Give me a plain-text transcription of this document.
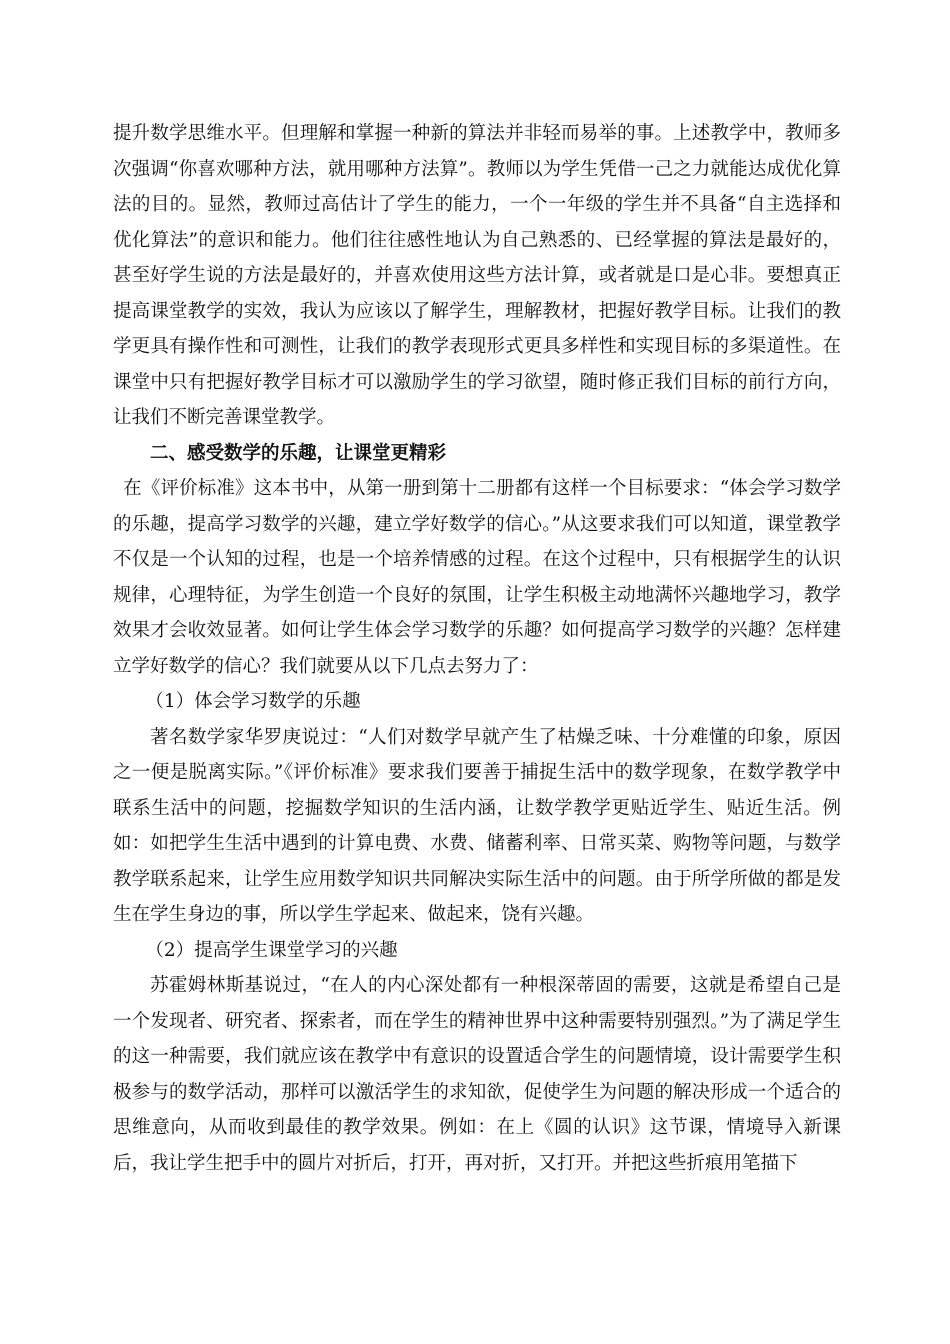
提升数学思维水平。但理解和掌握一种新的算法并非轻而易举的事。上述教学中，教师多次强调“你喜欢哪种方法，就用哪种方法算”。教师以为学生凭借一己之力就能达成优化算法的目的。显然，教师过高估计了学生的能力，一个一年级的学生并不具备“自主选择和优化算法”的意识和能力。他们往往感性地认为自己熟悉的、已经掌握的算法是最好的，甚至好学生说的方法是最好的，并喜欢使用这些方法计算，或者就是口是心非。要想真正提高课堂教学的实效，我认为应该以了解学生，理解教材，把握好教学目标。让我们的教学更具有操作性和可测性，让我们的教学表现形式更具多样性和实现目标的多渠道性。在课堂中只有把握好教学目标才可以激励学生的学习欲望，随时修正我们目标的前行方向，让我们不断完善课堂教学。

二、感受数学的乐趣，让课堂更精彩

在《评价标准》这本书中，从第一册到第十二册都有这样一个目标要求：“体会学习数学的乐趣，提高学习数学的兴趣，建立学好数学的信心。”从这要求我们可以知道，课堂教学不仅是一个认知的过程，也是一个培养情感的过程。在这个过程中，只有根据学生的认识规律，心理特征，为学生创造一个良好的氛围，让学生积极主动地满怀兴趣地学习，教学效果才会收效显著。如何让学生体会学习数学的乐趣？如何提高学习数学的兴趣？怎样建立学好数学的信心？我们就要从以下几点去努力了：

（1）体会学习数学的乐趣

著名数学家华罗庚说过：“人们对数学早就产生了枯燥乏味、十分难懂的印象，原因之一便是脱离实际。”《评价标准》要求我们要善于捕捉生活中的数学现象，在数学教学中联系生活中的问题，挖掘数学知识的生活内涵，让数学教学更贴近学生、贴近生活。例如：如把学生生活中遇到的计算电费、水费、储蓄利率、日常买菜、购物等问题，与数学教学联系起来，让学生应用数学知识共同解决实际生活中的问题。由于所学所做的都是发生在学生身边的事，所以学生学起来、做起来，饶有兴趣。

（2）提高学生课堂学习的兴趣

苏霍姆林斯基说过，“在人的内心深处都有一种根深蒂固的需要，这就是希望自己是一个发现者、研究者、探索者，而在学生的精神世界中这种需要特别强烈。”为了满足学生的这一种需要，我们就应该在教学中有意识的设置适合学生的问题情境，设计需要学生积极参与的数学活动，那样可以激活学生的求知欲，促使学生为问题的解决形成一个适合的思维意向，从而收到最佳的教学效果。例如：在上《圆的认识》这节课，情境导入新课后，我让学生把手中的圆片对折后，打开，再对折，又打开。并把这些折痕用笔描下
